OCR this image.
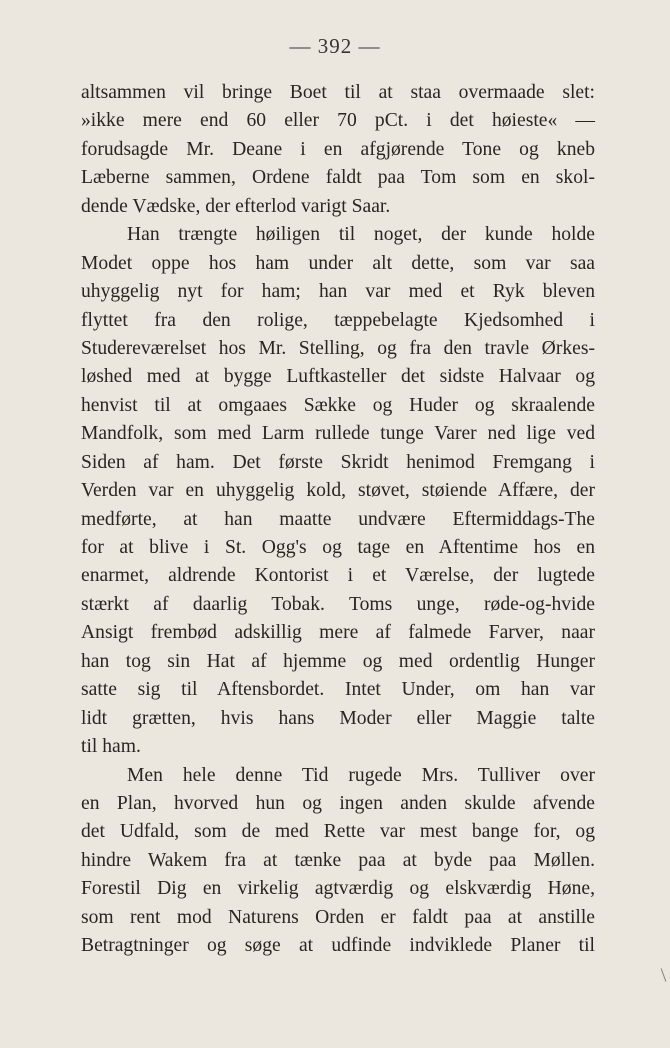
— 392 —
altsammen vil bringe Boet til at staa overmaade slet:
»ikke mere end 60 eller 70 pCt. i det høieste« —
forudsagde Mr. Deane i en afgjørende Tone og kneb
Læberne sammen, Ordene faldt paa Tom som en skol-
dende Vædske, der efterlod varigt Saar.
Han trængte høiligen til noget, der kunde holde
Modet oppe hos ham under alt dette, som var saa
uhyggelig nyt for ham; han var med et Ryk bleven
flyttet fra den rolige, tæppebelagte Kjedsomhed i
Studereværelset hos Mr. Stelling, og fra den travle Ørkes-
løshed med at bygge Luftkasteller det sidste Halvaar og
henvist til at omgaaes Sække og Huder og skraalende
Mandfolk, som med Larm rullede tunge Varer ned lige ved
Siden af ham. Det første Skridt henimod Fremgang i
Verden var en uhyggelig kold, støvet, støiende Affære, der
medførte, at han maatte undvære Eftermiddags-The
for at blive i St. Ogg's og tage en Aftentime hos en
enarmet, aldrende Kontorist i et Værelse, der lugtede
stærkt af daarlig Tobak. Toms unge, røde-og-hvide
Ansigt frembød adskillig mere af falmede Farver, naar
han tog sin Hat af hjemme og med ordentlig Hunger
satte sig til Aftensbordet. Intet Under, om han var
lidt grætten, hvis hans Moder eller Maggie talte
til ham.
Men hele denne Tid rugede Mrs. Tulliver over
en Plan, hvorved hun og ingen anden skulde afvende
det Udfald, som de med Rette var mest bange for, og
hindre Wakem fra at tænke paa at byde paa Møllen.
Forestil Dig en virkelig agtværdig og elskværdig Høne,
som rent mod Naturens Orden er faldt paa at anstille
Betragtninger og søge at udfinde indviklede Planer til
